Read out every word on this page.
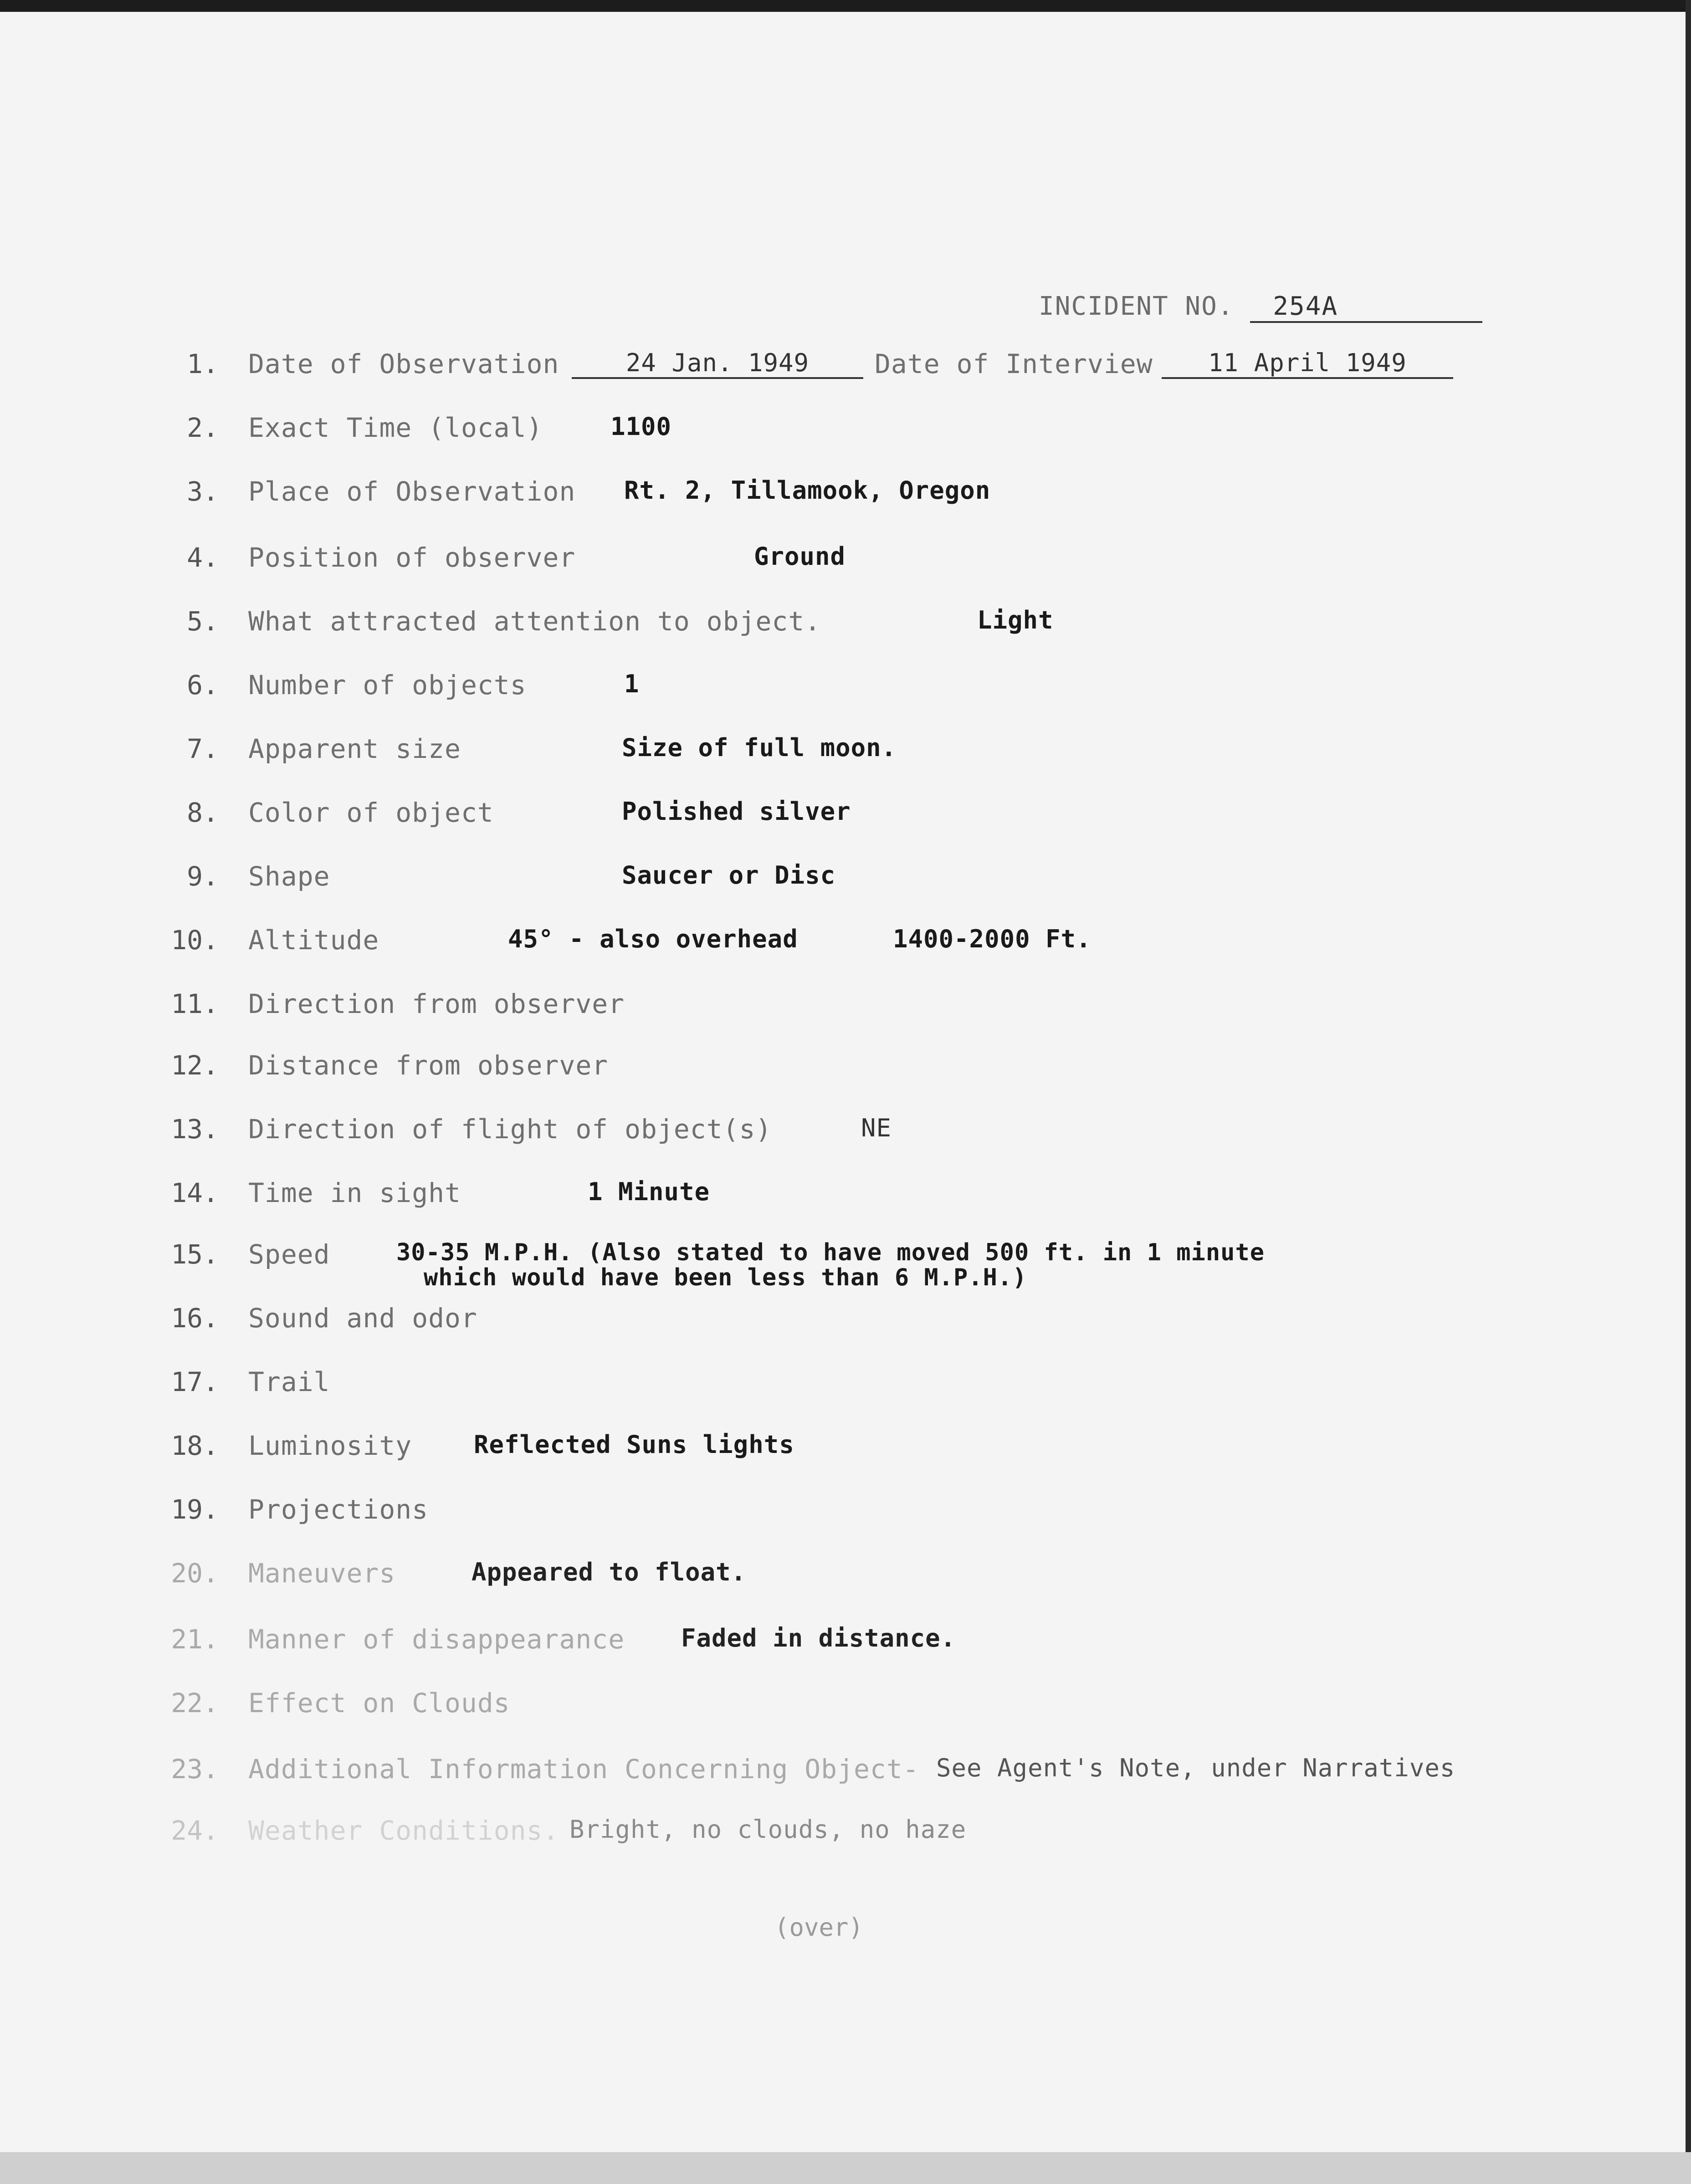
INCIDENT NO. 254A
1. Date of Observation	24 Jan. 1949	Date of Interview	11 April 1949
2. Exact Time (local)	1100
3. Place of Observation Rt. 2, Tillamook, Oregon
4. Position of observer	Ground
5. What attracted attention to object.	Light
6. Number of objects	1
7. Apparent size	Size of full moon.
8. Color of object	Polished silver
9. Shape	Saucer or Disc
10. Altitude	45° - also overhead	1400-2000 Ft.
11. Direction from observer
12. Distance from observer
13. Direction of flight of object(s)	NE
14. Time in sight	1 Minute
15. Speed	30-35 M.P.H. (Also stated to have moved 500 ft. in 1 minute
which would have been less than 6 M.P.H.)
16. Sound and odor
17. Trail
18. Luminosity	Reflected Suns lights
19. Projections
20. Maneuvers	Appeared to float.
21. Manner of disappearance Faded in distance.
22. Effect on Clouds
23. Additional Information Concerning Object- See Agent's Note, under Narratives
24. Weather Conditions. Bright, no clouds, no haze
(over)
